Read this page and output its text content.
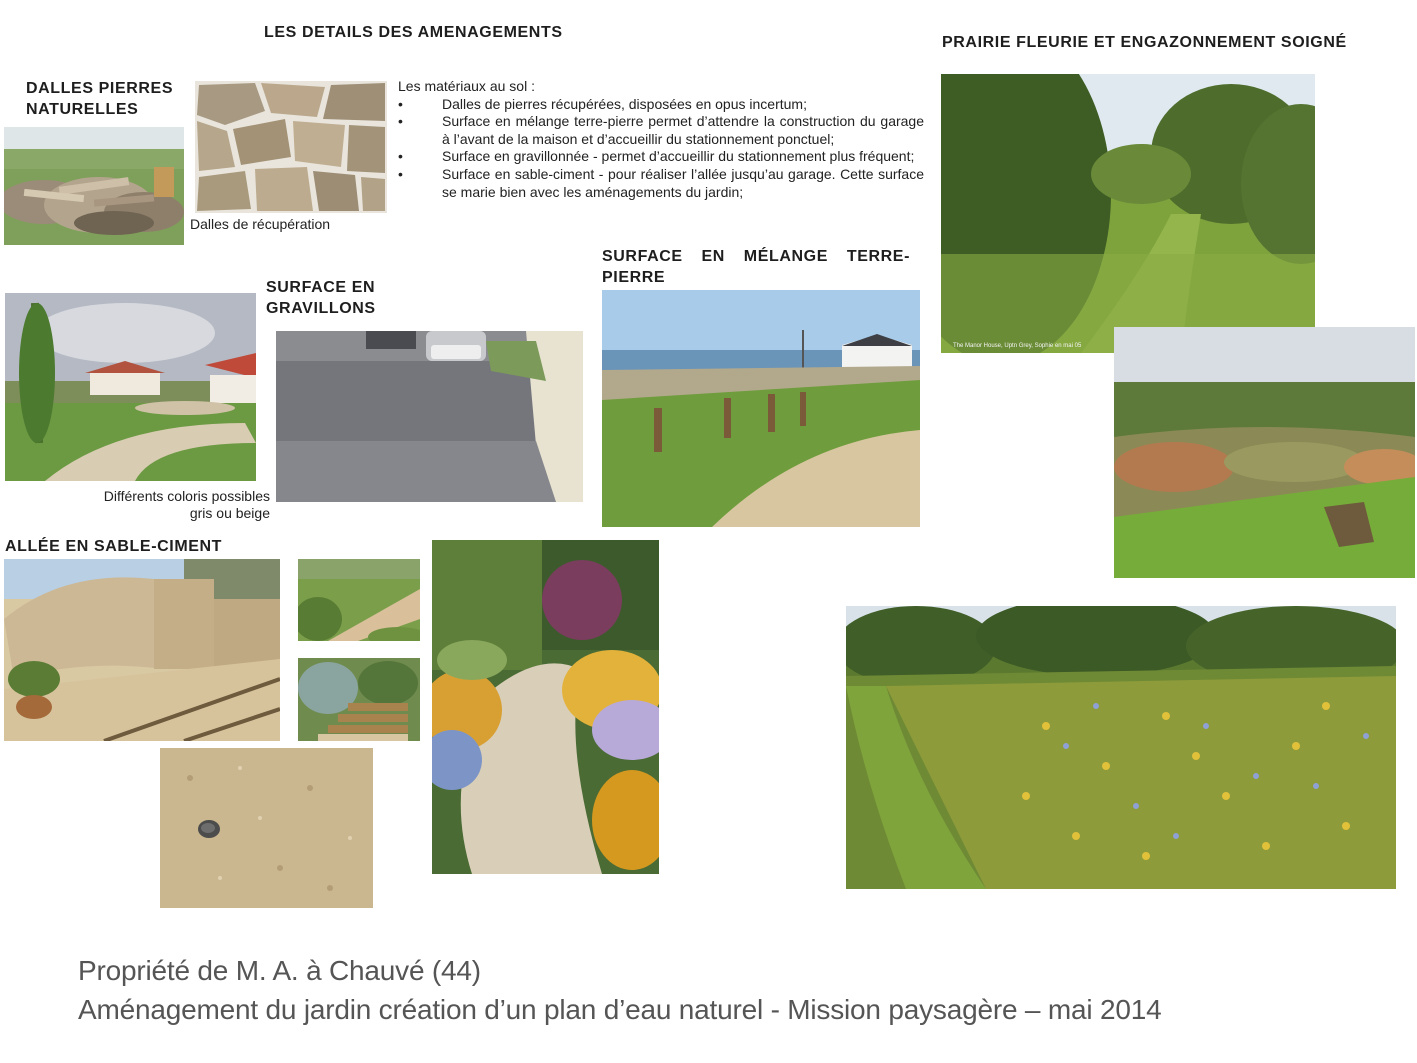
LES DETAILS DES AMENAGEMENTS
PRAIRIE FLEURIE ET ENGAZONNEMENT SOIGNÉ
DALLES PIERRES
NATURELLES
SURFACE EN
GRAVILLONS
SURFACE EN MÉLANGE TERRE-
PIERRE
ALLÉE EN SABLE-CIMENT
Les matériaux au sol :
•	Dalles de pierres récupérées, disposées en opus incertum;
•	Surface en mélange terre-pierre permet d’attendre la construction du garage à l’avant de la maison et d’accueillir du stationnement ponctuel;
•	Surface en gravillonnée - permet d’accueillir du stationnement plus fréquent;
•	Surface en sable-ciment - pour réaliser l’allée jusqu’au garage. Cette surface se marie bien avec les aménagements du jardin;
Dalles de récupération
Différents coloris possibles
gris ou beige
The Manor House, Uptn Grey, Sophie en mai 05
Propriété de M. A. à Chauvé (44)
Aménagement du jardin création d’un plan d’eau naturel - Mission paysagère – mai 2014
